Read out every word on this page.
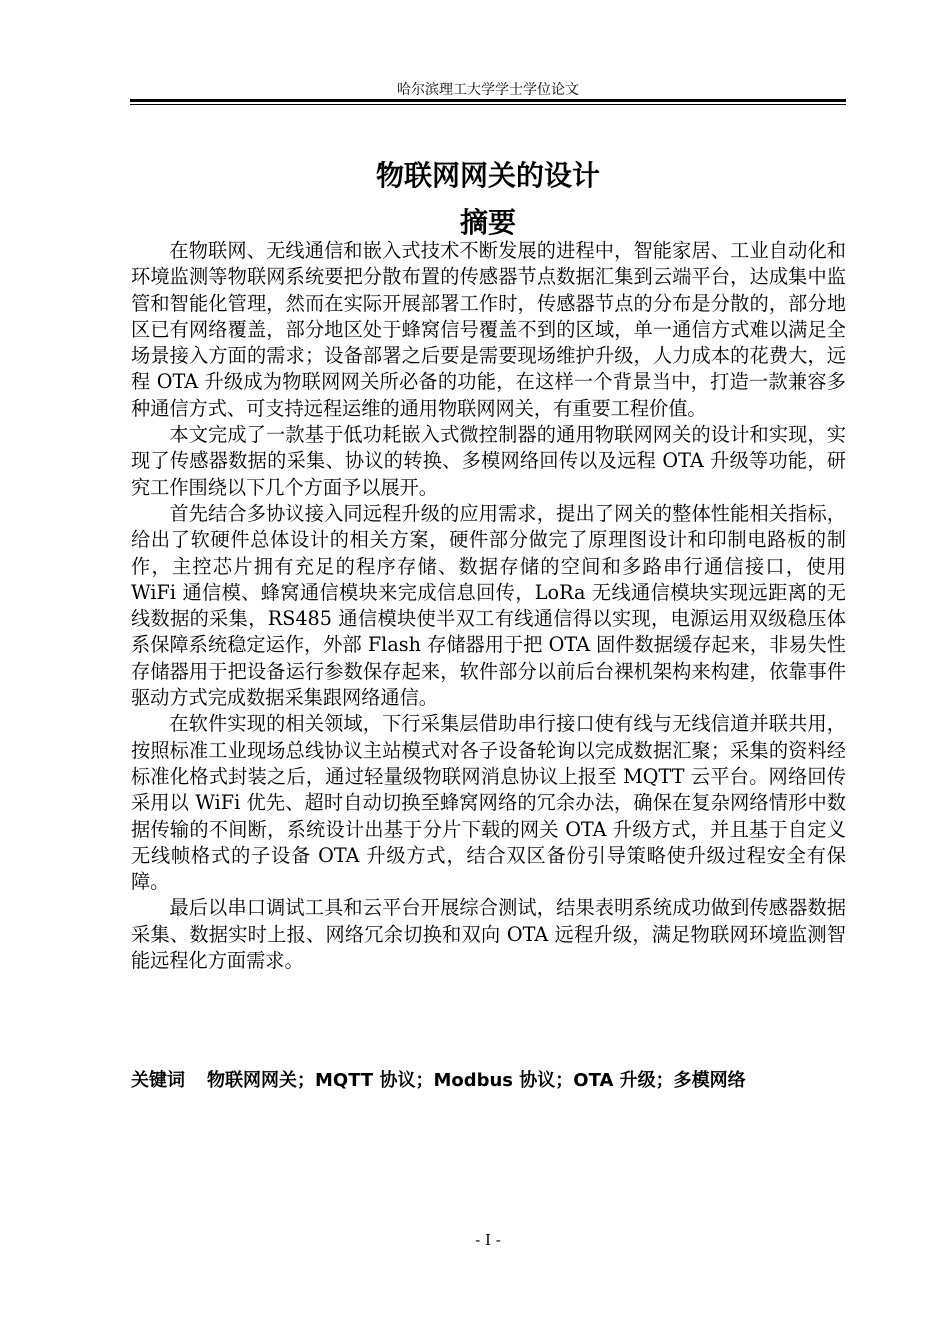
哈尔滨理工大学学士学位论文
物联网网关的设计
摘要

在物联网、无线通信和嵌入式技术不断发展的进程中，智能家居、工业自动化和环境监测等物联网系统要把分散布置的传感器节点数据汇集到云端平台，达成集中监管和智能化管理，然而在实际开展部署工作时，传感器节点的分布是分散的，部分地区已有网络覆盖，部分地区处于蜂窝信号覆盖不到的区域，单一通信方式难以满足全场景接入方面的需求；设备部署之后要是需要现场维护升级，人力成本的花费大，远程 OTA 升级成为物联网网关所必备的功能，在这样一个背景当中，打造一款兼容多种通信方式、可支持远程运维的通用物联网网关，有重要工程价值。

本文完成了一款基于低功耗嵌入式微控制器的通用物联网网关的设计和实现，实现了传感器数据的采集、协议的转换、多模网络回传以及远程 OTA 升级等功能，研究工作围绕以下几个方面予以展开。

首先结合多协议接入同远程升级的应用需求，提出了网关的整体性能相关指标，给出了软硬件总体设计的相关方案，硬件部分做完了原理图设计和印制电路板的制作，主控芯片拥有充足的程序存储、数据存储的空间和多路串行通信接口，使用 WiFi 通信模、蜂窝通信模块来完成信息回传，LoRa 无线通信模块实现远距离的无线数据的采集，RS485 通信模块使半双工有线通信得以实现，电源运用双级稳压体系保障系统稳定运作，外部 Flash 存储器用于把 OTA 固件数据缓存起来，非易失性存储器用于把设备运行参数保存起来，软件部分以前后台裸机架构来构建，依靠事件驱动方式完成数据采集跟网络通信。

在软件实现的相关领域，下行采集层借助串行接口使有线与无线信道并联共用，按照标准工业现场总线协议主站模式对各子设备轮询以完成数据汇聚；采集的资料经标准化格式封装之后，通过轻量级物联网消息协议上报至 MQTT 云平台。网络回传采用以 WiFi 优先、超时自动切换至蜂窝网络的冗余办法，确保在复杂网络情形中数据传输的不间断，系统设计出基于分片下载的网关 OTA 升级方式，并且基于自定义无线帧格式的子设备 OTA 升级方式，结合双区备份引导策略使升级过程安全有保障。

最后以串口调试工具和云平台开展综合测试，结果表明系统成功做到传感器数据采集、数据实时上报、网络冗余切换和双向 OTA 远程升级，满足物联网环境监测智能远程化方面需求。

关键词 物联网网关；MQTT 协议；Modbus 协议；OTA 升级；多模网络
- I -
